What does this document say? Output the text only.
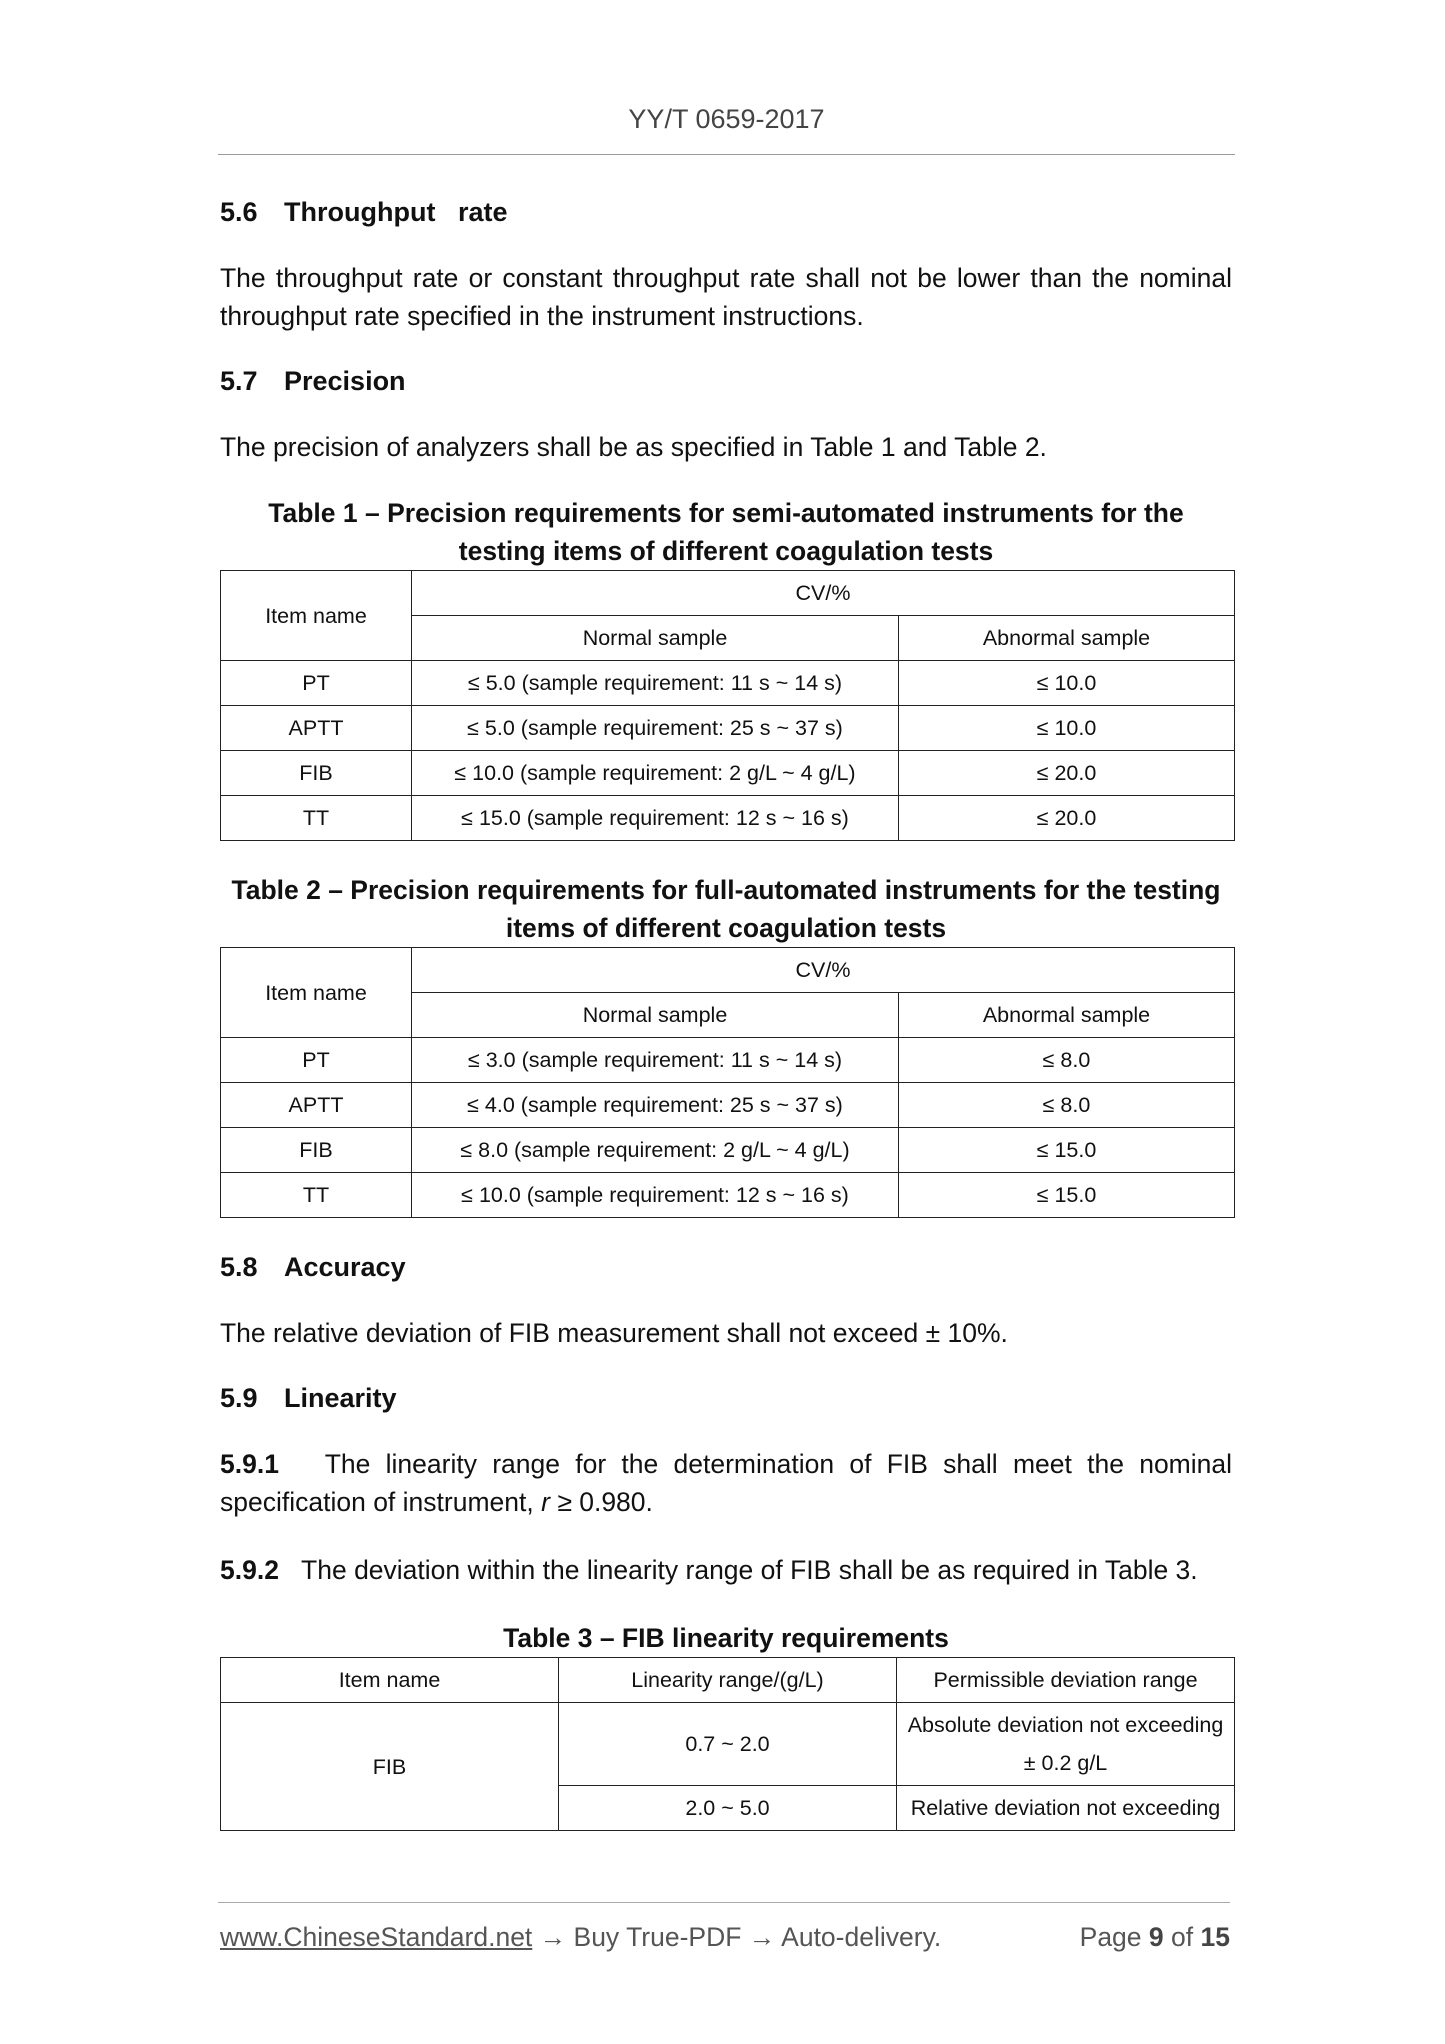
YY/T 0659-2017

5.6 Throughput   rate

The throughput rate or constant throughput rate shall not be lower than the nominal throughput rate specified in the instrument instructions.

5.7 Precision

The precision of analyzers shall be as specified in Table 1 and Table 2.

Table 1 – Precision requirements for semi-automated instruments for the
testing items of different coagulation tests

Item name	CV/%	
	Normal sample	Abnormal sample
PT	≤ 5.0 (sample requirement: 11 s ~ 14 s)	≤ 10.0
APTT	≤ 5.0 (sample requirement: 25 s ~ 37 s)	≤ 10.0
FIB	≤ 10.0 (sample requirement: 2 g/L ~ 4 g/L)	≤ 20.0
TT	≤ 15.0 (sample requirement: 12 s ~ 16 s)	≤ 20.0

Table 2 – Precision requirements for full-automated instruments for the testing
items of different coagulation tests

Item name	CV/%	
	Normal sample	Abnormal sample
PT	≤ 3.0 (sample requirement: 11 s ~ 14 s)	≤ 8.0
APTT	≤ 4.0 (sample requirement: 25 s ~ 37 s)	≤ 8.0
FIB	≤ 8.0 (sample requirement: 2 g/L ~ 4 g/L)	≤ 15.0
TT	≤ 10.0 (sample requirement: 12 s ~ 16 s)	≤ 15.0

5.8 Accuracy

The relative deviation of FIB measurement shall not exceed ± 10%.

5.9 Linearity

5.9.1 The linearity range for the determination of FIB shall meet the nominal specification of instrument, r ≥ 0.980.

5.9.2 The deviation within the linearity range of FIB shall be as required in Table 3.

Table 3 – FIB linearity requirements

Item name	Linearity range/(g/L)	Permissible deviation range
FIB	0.7 ~ 2.0	Absolute deviation not exceeding
± 0.2 g/L
	2.0 ~ 5.0	Relative deviation not exceeding
www.ChineseStandard.net → Buy True-PDF → Auto-delivery.	Page 9 of 15
